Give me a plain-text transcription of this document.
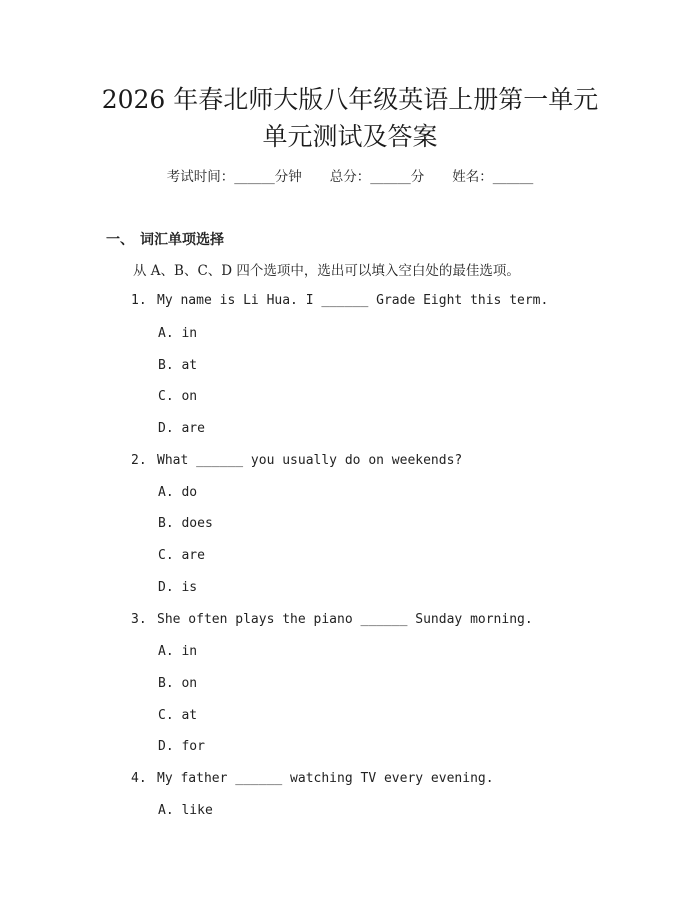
2026 年春北师大版八年级英语上册第一单元
单元测试及答案
考试时间：______分钟 总分：______分 姓名：______
一、 词汇单项选择
从 A、B、C、D 四个选项中，选出可以填入空白处的最佳选项。
1. My name is Li Hua. I ______ Grade Eight this term.
A. in
B. at
C. on
D. are
2. What ______ you usually do on weekends?
A. do
B. does
C. are
D. is
3. She often plays the piano ______ Sunday morning.
A. in
B. on
C. at
D. for
4. My father ______ watching TV every evening.
A. like
